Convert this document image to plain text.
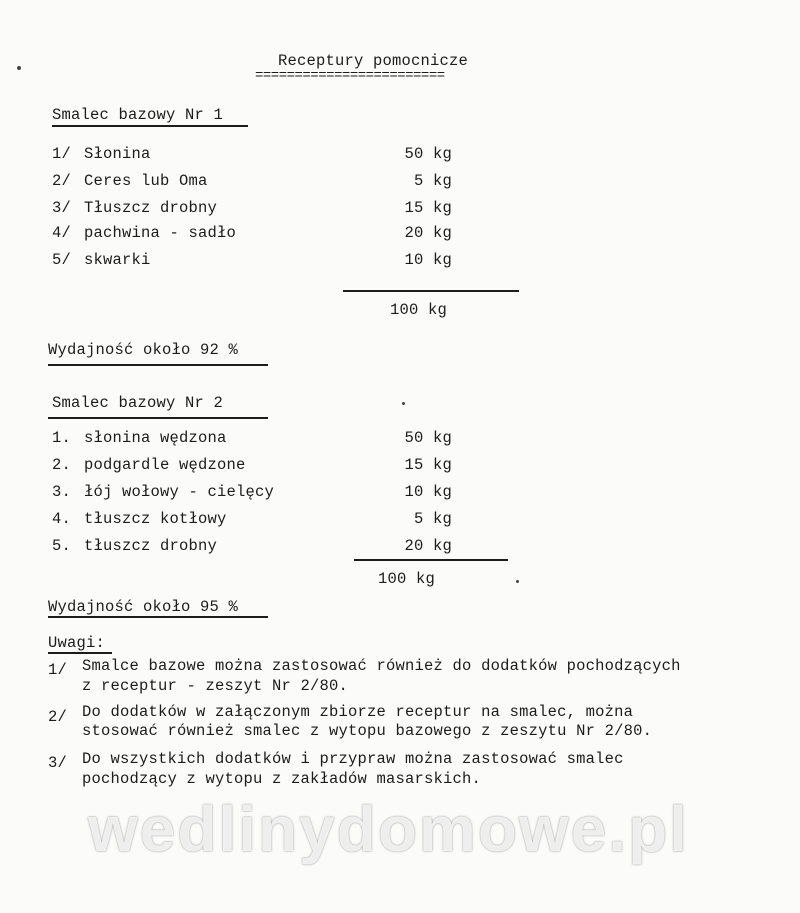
Receptury pomocnicze
========================
Smalec bazowy Nr 1
1/ Słonina	50 kg
2/ Ceres lub Oma	5 kg
3/ Tłuszcz drobny	15 kg
4/ pachwina - sadło	20 kg
5/ skwarki	10 kg
100 kg
Wydajność około 92 %
Smalec bazowy Nr 2
1. słonina wędzona	50 kg
2. podgardle wędzone	15 kg
3. łój wołowy - cielęcy	10 kg
4. tłuszcz kotłowy	5 kg
5. tłuszcz drobny	20 kg
100 kg
Wydajność około 95 %
Uwagi:
1/ Smalce bazowe można zastosować również do dodatków pochodzących
z receptur - zeszyt Nr 2/80.
2/ Do dodatków w załączonym zbiorze receptur na smalec, można
stosować również smalec z wytopu bazowego z zeszytu Nr 2/80.
3/ Do wszystkich dodatków i przypraw można zastosować smalec
pochodzący z wytopu z zakładów masarskich.
wedlinydomowe.pl
